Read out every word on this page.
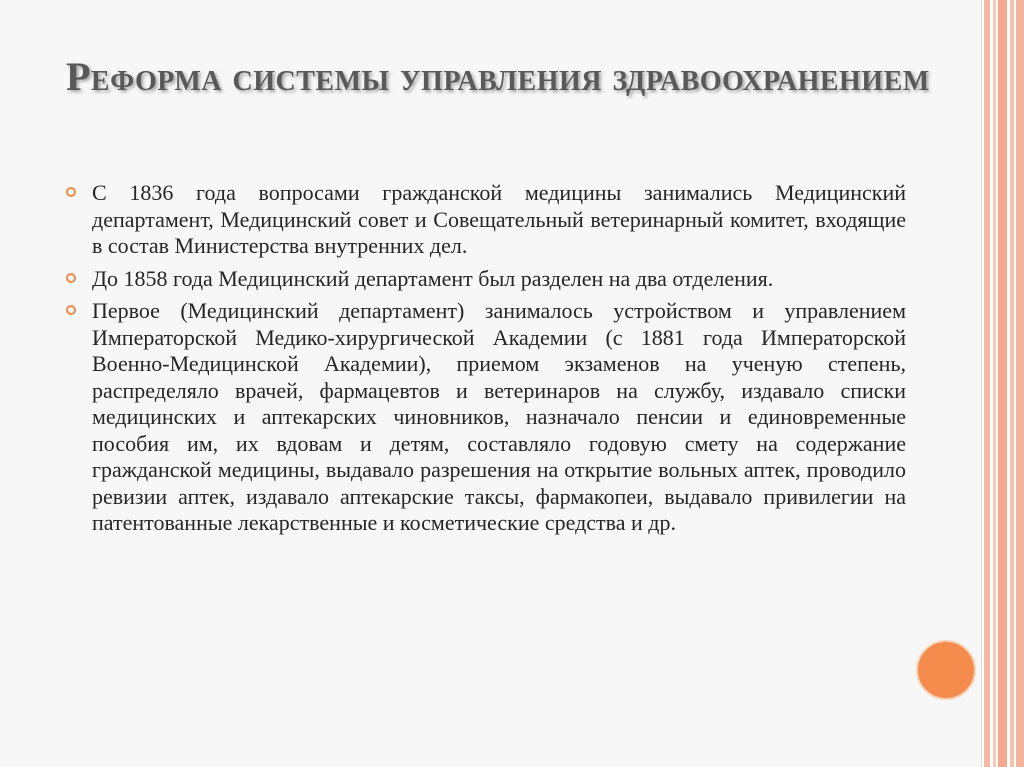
Реформа системы управления здравоохранением
С 1836 года вопросами гражданской медицины занимались Медицинский департамент, Медицинский совет и Совещательный ветеринарный комитет, входящие в состав Министерства внутренних дел.
До 1858 года Медицинский департамент был разделен на два отделения.
Первое (Медицинский департамент) занималось устройством и управлением Императорской Медико-хирургической Академии (с 1881 года Императорской Военно-Медицинской Академии), приемом экзаменов на ученую степень, распределяло врачей, фармацевтов и ветеринаров на службу, издавало списки медицинских и аптекарских чиновников, назначало пенсии и единовременные пособия им, их вдовам и детям, составляло годовую смету на содержание гражданской медицины, выдавало разрешения на открытие вольных аптек, проводило ревизии аптек, издавало аптекарские таксы, фармакопеи, выдавало привилегии на патентованные лекарственные и косметические средства и др.
